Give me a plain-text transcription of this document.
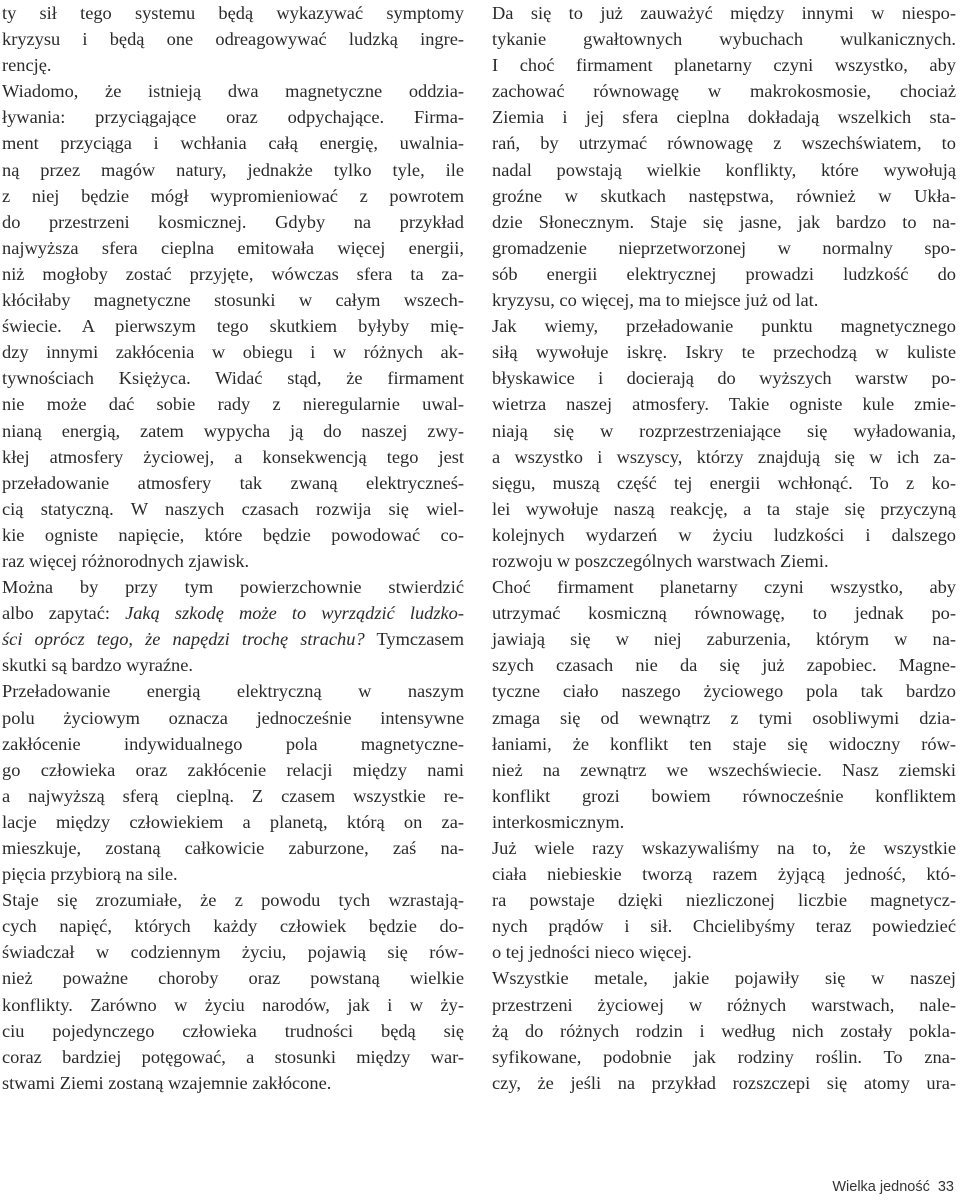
ty sił tego systemu będą wykazywać symptomy
kryzysu i będą one odreagowywać ludzką ingre-
rencję.
Wiadomo, że istnieją dwa magnetyczne oddzia-
ływania: przyciągające oraz odpychające. Firma-
ment przyciąga i wchłania całą energię, uwalnia-
ną przez magów natury, jednakże tylko tyle, ile
z niej będzie mógł wypromieniować z powrotem
do przestrzeni kosmicznej. Gdyby na przykład
najwyższa sfera cieplna emitowała więcej energii,
niż mogłoby zostać przyjęte, wówczas sfera ta za-
kłóciłaby magnetyczne stosunki w całym wszech-
świecie. A pierwszym tego skutkiem byłyby mię-
dzy innymi zakłócenia w obiegu i w różnych ak-
tywnościach Księżyca. Widać stąd, że firmament
nie może dać sobie rady z nieregularnie uwal-
nianą energią, zatem wypycha ją do naszej zwy-
kłej atmosfery życiowej, a konsekwencją tego jest
przeładowanie atmosfery tak zwaną elektryczneś-
cią statyczną. W naszych czasach rozwija się wiel-
kie ogniste napięcie, które będzie powodować co-
raz więcej różnorodnych zjawisk.
Można by przy tym powierzchownie stwierdzić
albo zapytać: Jaką szkodę może to wyrządzić ludzko-
ści oprócz tego, że napędzi trochę strachu? Tymczasem
skutki są bardzo wyraźne.
Przeładowanie energią elektryczną w naszym
polu życiowym oznacza jednocześnie intensywne
zakłócenie indywidualnego pola magnetyczne-
go człowieka oraz zakłócenie relacji między nami
a najwyższą sferą cieplną. Z czasem wszystkie re-
lacje między człowiekiem a planetą, którą on za-
mieszkuje, zostaną całkowicie zaburzone, zaś na-
pięcia przybiorą na sile.
Staje się zrozumiałe, że z powodu tych wzrastają-
cych napięć, których każdy człowiek będzie do-
świadczał w codziennym życiu, pojawią się rów-
nież poważne choroby oraz powstaną wielkie
konflikty. Zarówno w życiu narodów, jak i w ży-
ciu pojedynczego człowieka trudności będą się
coraz bardziej potęgować, a stosunki między war-
stwami Ziemi zostaną wzajemnie zakłócone.
Da się to już zauważyć między innymi w niespo-
tykanie gwałtownych wybuchach wulkanicznych.
I choć firmament planetarny czyni wszystko, aby
zachować równowagę w makrokosmosie, chociaż
Ziemia i jej sfera cieplna dokładają wszelkich sta-
rań, by utrzymać równowagę z wszechświatem, to
nadal powstają wielkie konflikty, które wywołują
groźne w skutkach następstwa, również w Ukła-
dzie Słonecznym. Staje się jasne, jak bardzo to na-
gromadzenie nieprzetworzonej w normalny spo-
sób energii elektrycznej prowadzi ludzkość do
kryzysu, co więcej, ma to miejsce już od lat.
Jak wiemy, przeładowanie punktu magnetycznego
siłą wywołuje iskrę. Iskry te przechodzą w kuliste
błyskawice i docierają do wyższych warstw po-
wietrza naszej atmosfery. Takie ogniste kule zmie-
niają się w rozprzestrzeniające się wyładowania,
a wszystko i wszyscy, którzy znajdują się w ich za-
sięgu, muszą część tej energii wchłonąć. To z ko-
lei wywołuje naszą reakcję, a ta staje się przyczyną
kolejnych wydarzeń w życiu ludzkości i dalszego
rozwoju w poszczególnych warstwach Ziemi.
Choć firmament planetarny czyni wszystko, aby
utrzymać kosmiczną równowagę, to jednak po-
jawiają się w niej zaburzenia, którym w na-
szych czasach nie da się już zapobiec. Magne-
tyczne ciało naszego życiowego pola tak bardzo
zmaga się od wewnątrz z tymi osobliwymi dzia-
łaniami, że konflikt ten staje się widoczny rów-
nież na zewnątrz we wszechświecie. Nasz ziemski
konflikt grozi bowiem równocześnie konfliktem
interkosmicznym.
Już wiele razy wskazywaliśmy na to, że wszystkie
ciała niebieskie tworzą razem żyjącą jedność, któ-
ra powstaje dzięki niezliczonej liczbie magnetycz-
nych prądów i sił. Chcielibyśmy teraz powiedzieć
o tej jedności nieco więcej.
Wszystkie metale, jakie pojawiły się w naszej
przestrzeni życiowej w różnych warstwach, nale-
żą do różnych rodzin i według nich zostały pokla-
syfikowane, podobnie jak rodziny roślin. To zna-
czy, że jeśli na przykład rozszczepi się atomy ura-
Wielka jedność 33
